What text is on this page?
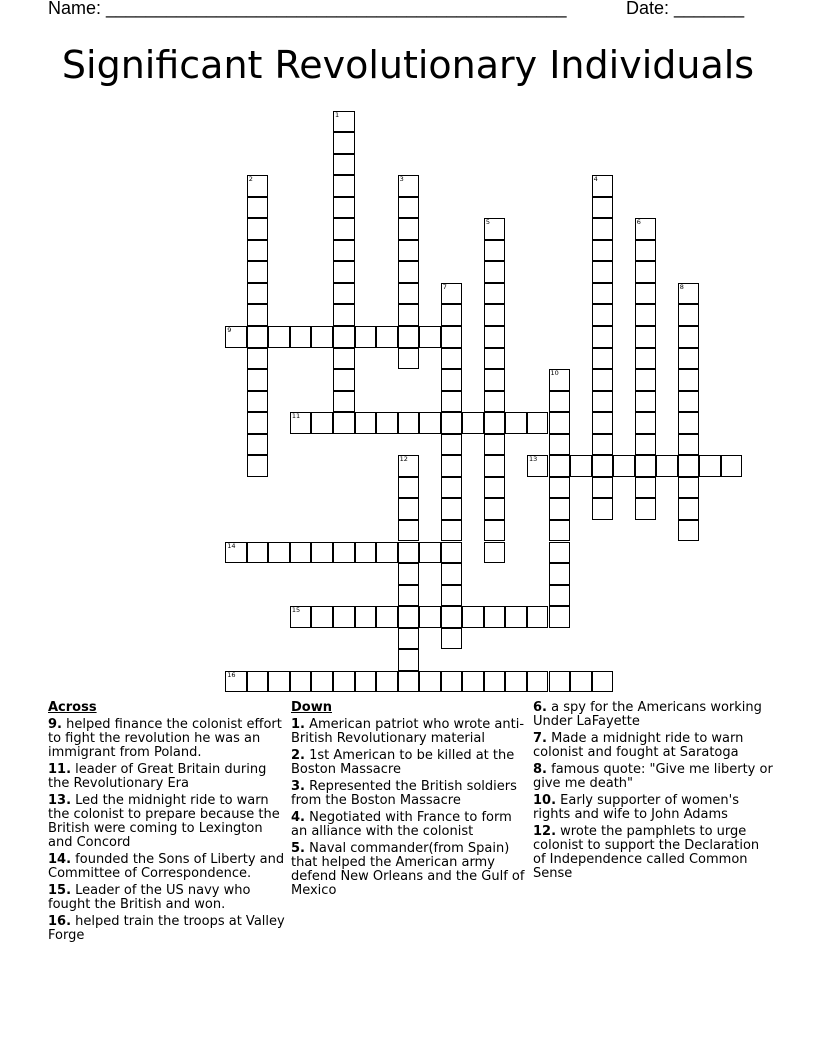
Name: ______________________________________________	Date: _______
Significant Revolutionary Individuals
1
2	3	4
5	6
7	8
10
12
9
11
13
14
15
16
Across
9. helped finance the colonist effort to fight the revolution he was an immigrant from Poland.
11. leader of Great Britain during the Revolutionary Era
13. Led the midnight ride to warn the colonist to prepare because the British were coming to Lexington and Concord
14. founded the Sons of Liberty and Committee of Correspondence.
15. Leader of the US navy who fought the British and won.
16. helped train the troops at Valley Forge
Down
1. American patriot who wrote anti-British Revolutionary material
2. 1st American to be killed at the Boston Massacre
3. Represented the British soldiers from the Boston Massacre
4. Negotiated with France to form an alliance with the colonist
5. Naval commander(from Spain) that helped the American army defend New Orleans and the Gulf of Mexico
6. a spy for the Americans working Under LaFayette
7. Made a midnight ride to warn colonist and fought at Saratoga
8. famous quote: "Give me liberty or give me death"
10. Early supporter of women's rights and wife to John Adams
12. wrote the pamphlets to urge colonist to support the Declaration of Independence called Common Sense
